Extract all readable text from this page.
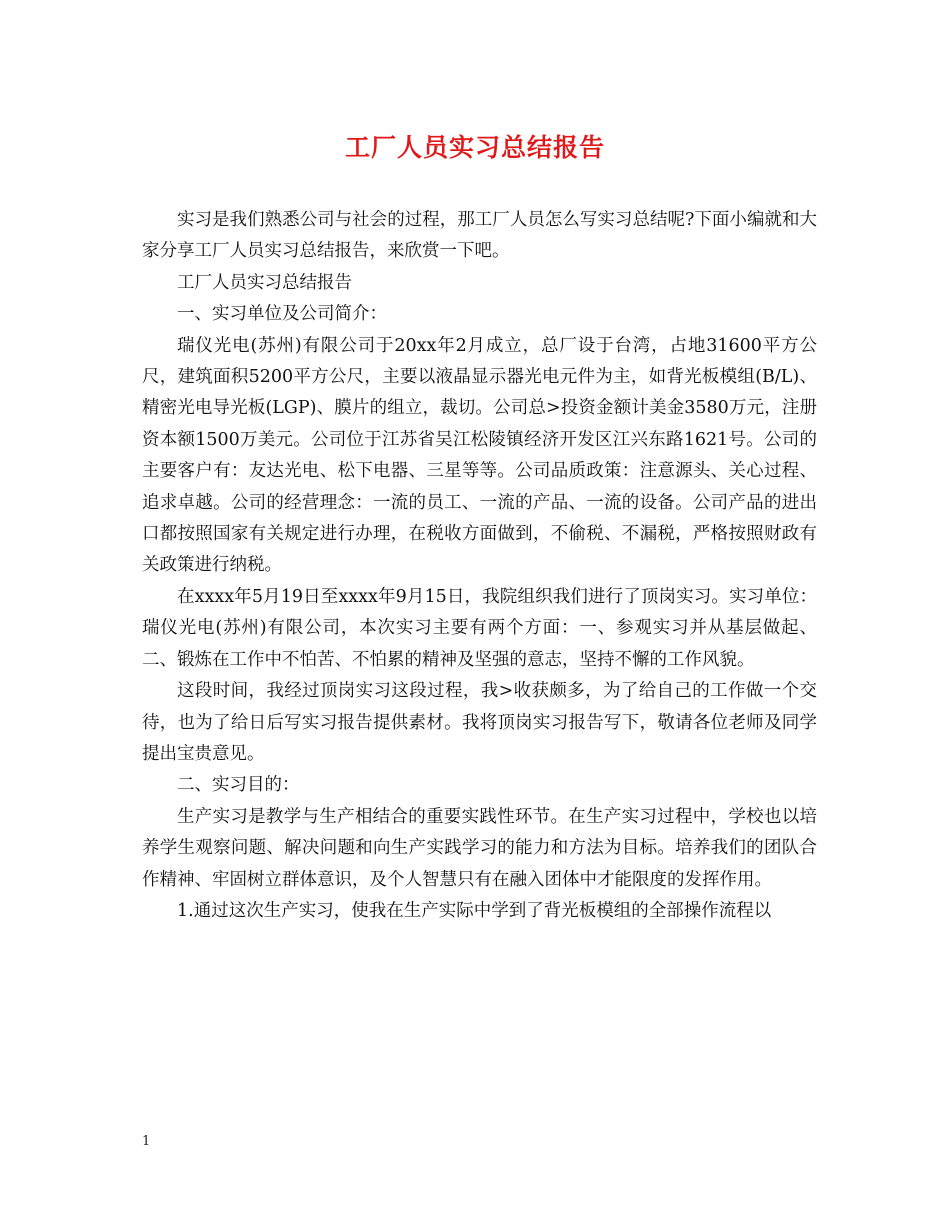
工厂人员实习总结报告

实习是我们熟悉公司与社会的过程，那工厂人员怎么写实习总结呢?下面小编就和大家分享工厂人员实习总结报告，来欣赏一下吧。

工厂人员实习总结报告

一、实习单位及公司简介：

瑞仪光电(苏州)有限公司于20xx年2月成立，总厂设于台湾，占地31600平方公尺，建筑面积5200平方公尺，主要以液晶显示器光电元件为主，如背光板模组(B/L)、精密光电导光板(LGP)、膜片的组立，裁切。公司总>投资金额计美金3580万元，注册资本额1500万美元。公司位于江苏省吴江松陵镇经济开发区江兴东路1621号。公司的主要客户有：友达光电、松下电器、三星等等。公司品质政策：注意源头、关心过程、追求卓越。公司的经营理念：一流的员工、一流的产品、一流的设备。公司产品的进出口都按照国家有关规定进行办理，在税收方面做到，不偷税、不漏税，严格按照财政有关政策进行纳税。

在xxxx年5月19日至xxxx年9月15日，我院组织我们进行了顶岗实习。实习单位：瑞仪光电(苏州)有限公司，本次实习主要有两个方面：一、参观实习并从基层做起、二、锻炼在工作中不怕苦、不怕累的精神及坚强的意志，坚持不懈的工作风貌。

这段时间，我经过顶岗实习这段过程，我>收获颇多，为了给自己的工作做一个交待，也为了给日后写实习报告提供素材。我将顶岗实习报告写下，敬请各位老师及同学提出宝贵意见。

二、实习目的：

生产实习是教学与生产相结合的重要实践性环节。在生产实习过程中，学校也以培养学生观察问题、解决问题和向生产实践学习的能力和方法为目标。培养我们的团队合作精神、牢固树立群体意识，及个人智慧只有在融入团体中才能限度的发挥作用。

1.通过这次生产实习，使我在生产实际中学到了背光板模组的全部操作流程以

1
